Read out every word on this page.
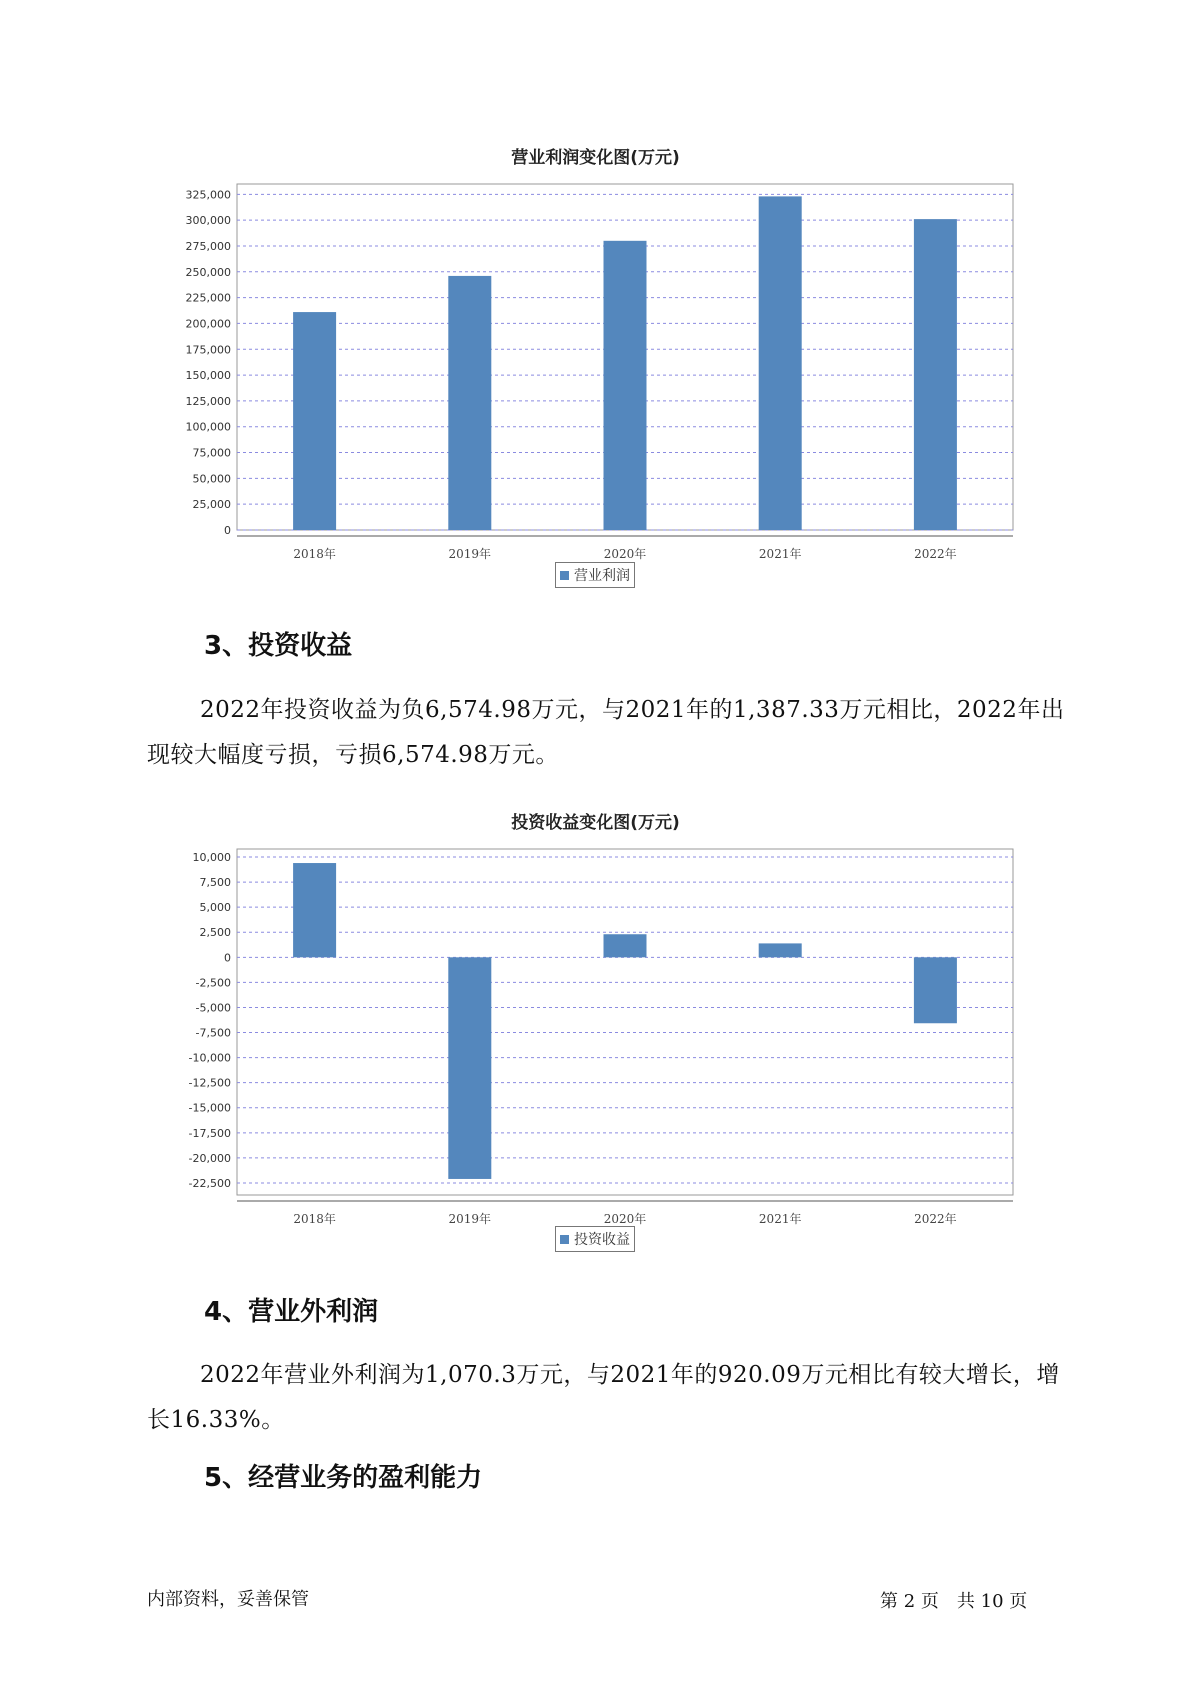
营业利润变化图(万元)
0
25,000
50,000
75,000
100,000
125,000
150,000
175,000
200,000
225,000
250,000
275,000
300,000
325,000
2018年	2019年	2020年	2021年	2022年
营业利润
3、投资收益
2022年投资收益为负6,574.98万元，与2021年的1,387.33万元相比，2022年出现较大幅度亏损，亏损6,574.98万元。
投资收益变化图(万元)
10,000
7,500
5,000
2,500
0
-2,500
-5,000
-7,500
-10,000
-12,500
-15,000
-17,500
-20,000
-22,500
2018年	2019年	2020年	2021年	2022年
投资收益
4、营业外利润
2022年营业外利润为1,070.3万元，与2021年的920.09万元相比有较大增长，增长16.33%。
5、经营业务的盈利能力
内部资料，妥善保管	第 2 页　共 10 页
